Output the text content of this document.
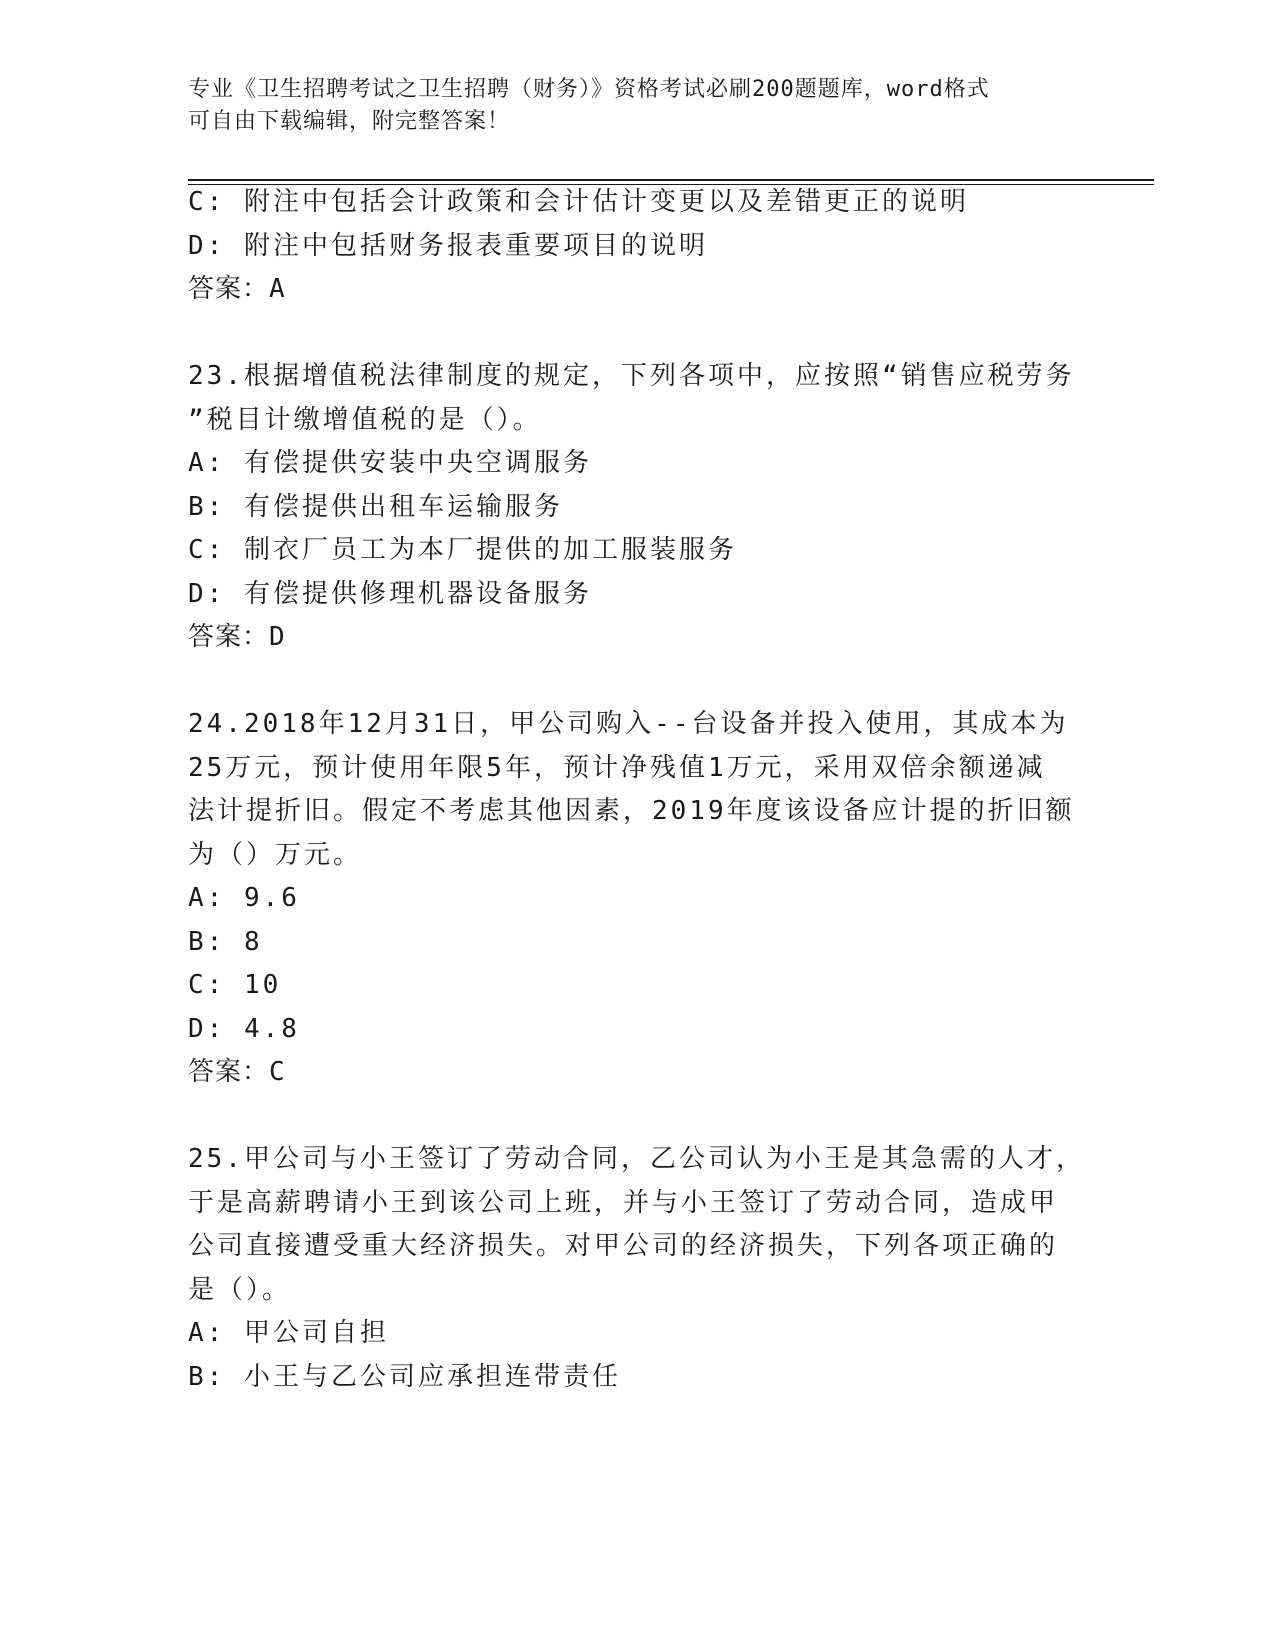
专业《卫生招聘考试之卫生招聘（财务）》资格考试必刷200题题库，word格式
可自由下载编辑，附完整答案！
C: 附注中包括会计政策和会计估计变更以及差错更正的说明
D: 附注中包括财务报表重要项目的说明
答案：A
23.根据增值税法律制度的规定，下列各项中，应按照“销售应税劳务
”税目计缴增值税的是（）。
A: 有偿提供安装中央空调服务
B: 有偿提供出租车运输服务
C: 制衣厂员工为本厂提供的加工服装服务
D: 有偿提供修理机器设备服务
答案：D
24.2018年12月31日，甲公司购入--台设备并投入使用，其成本为
25万元，预计使用年限5年，预计净残值1万元，采用双倍余额递减
法计提折旧。假定不考虑其他因素，2019年度该设备应计提的折旧额
为（）万元。
A: 9.6
B: 8
C: 10
D: 4.8
答案：C
25.甲公司与小王签订了劳动合同，乙公司认为小王是其急需的人才，
于是高薪聘请小王到该公司上班，并与小王签订了劳动合同，造成甲
公司直接遭受重大经济损失。对甲公司的经济损失，下列各项正确的
是（）。
A: 甲公司自担
B: 小王与乙公司应承担连带责任
